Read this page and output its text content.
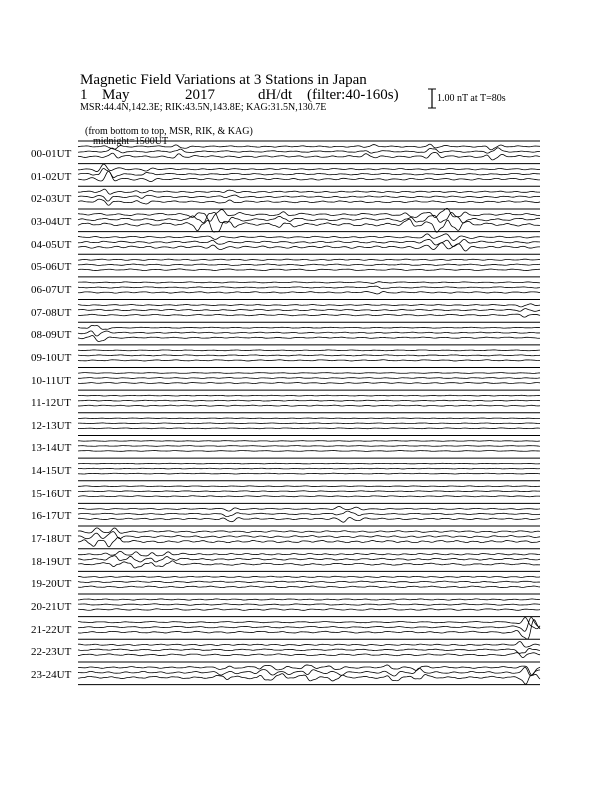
Magnetic Field Variations at 3 Stations in Japan

1

May

	2017

	dH/dt

(filter:40-160s)

MSR:44.4N,142.3E; RIK:43.5N,143.8E; KAG:31.5N,130.7E

(from bottom to top, MSR, RIK, & KAG)
midnight=1500UT

1.00 nT at T=80s
00-01UT
01-02UT
02-03UT
03-04UT
04-05UT
05-06UT
06-07UT
07-08UT
08-09UT
09-10UT
10-11UT
11-12UT
12-13UT
13-14UT
14-15UT
15-16UT
16-17UT
17-18UT
18-19UT
19-20UT
20-21UT
21-22UT
22-23UT
23-24UT
